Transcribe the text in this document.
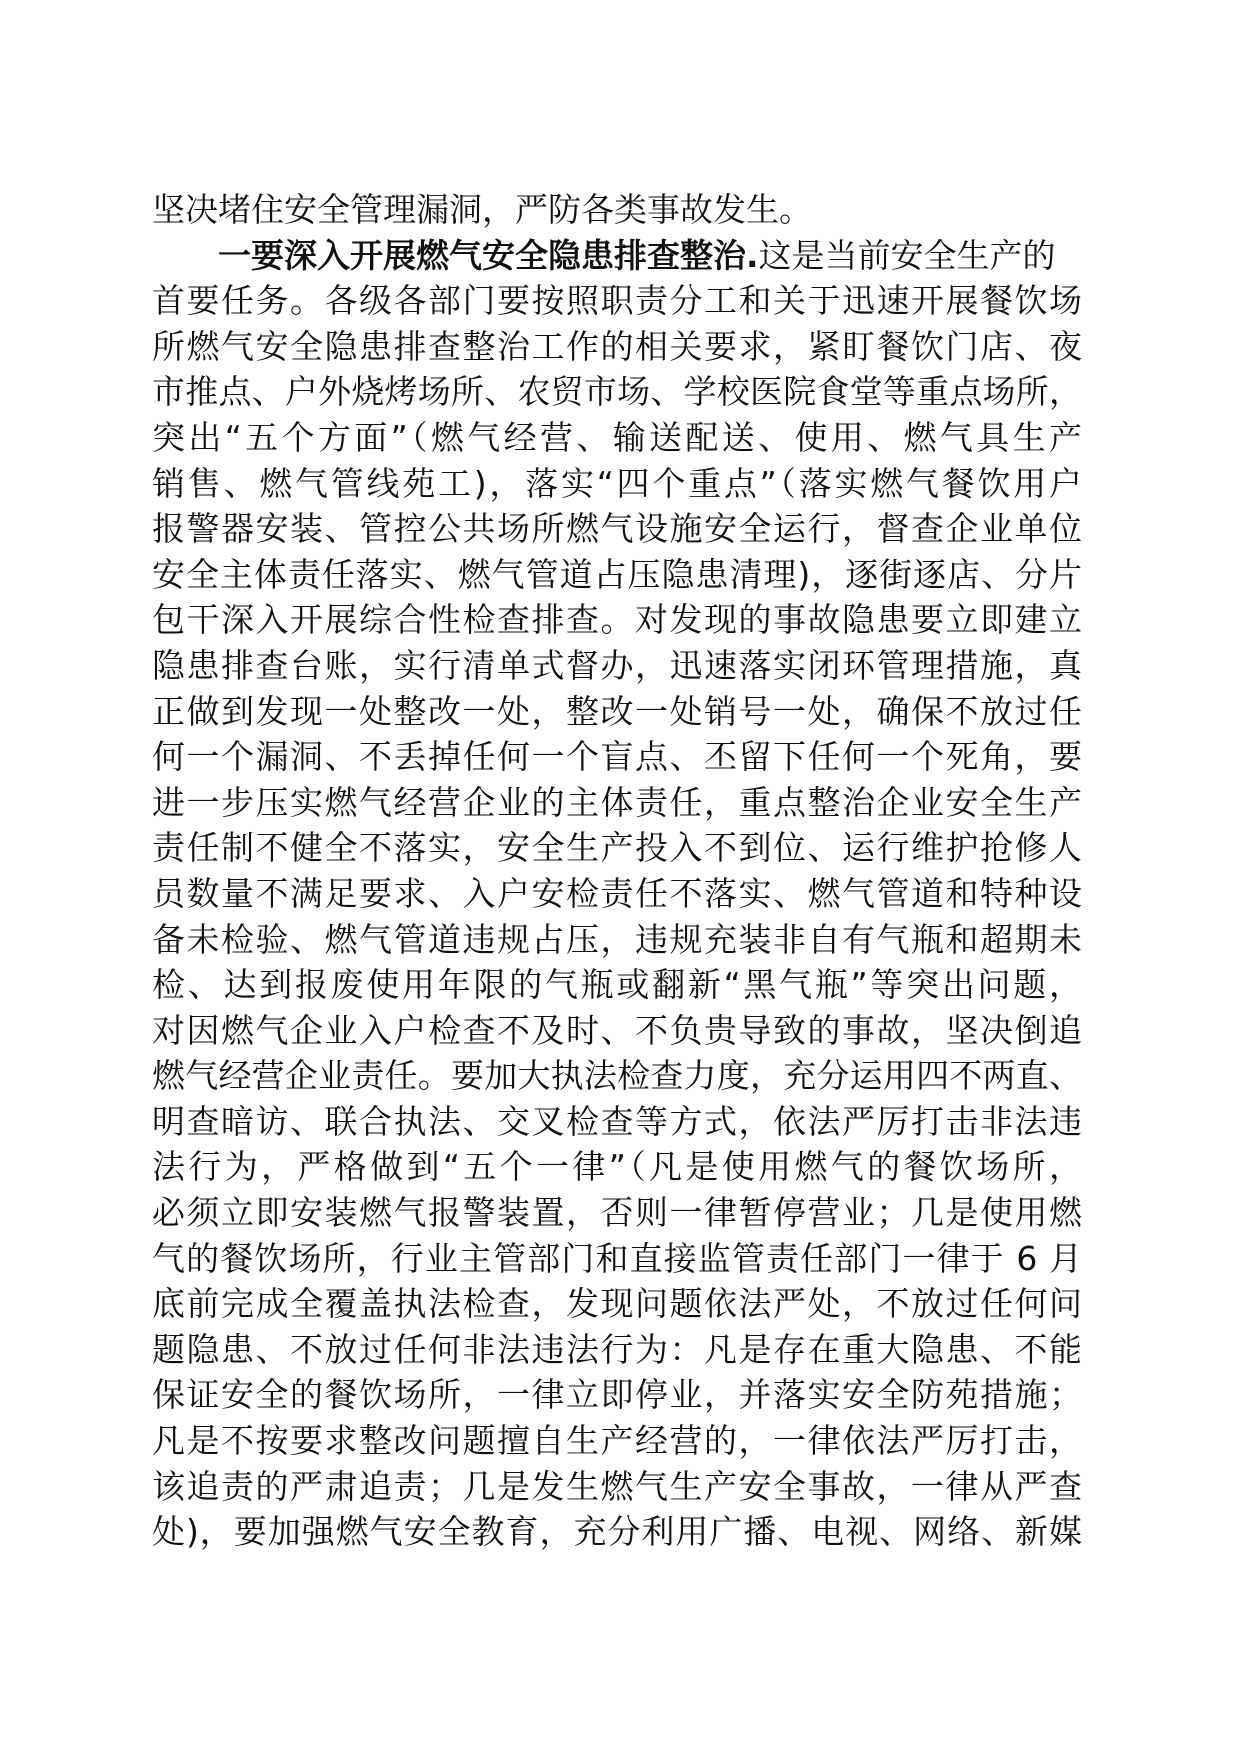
坚决堵住安全管理漏洞，严防各类事故发生。
一要深入开展燃气安全隐患排查整治.这是当前安全生产的
首要任务。各级各部门要按照职责分工和关于迅速开展餐饮场
所燃气安全隐患排查整治工作的相关要求，紧盯餐饮门店、夜
市推点、户外烧烤场所、农贸市场、学校医院食堂等重点场所，
突出“五个方面”（燃气经营、输送配送、使用、燃气具生产
销售、燃气管线苑工)，落实“四个重点”（落实燃气餐饮用户
报警器安装、管控公共场所燃气设施安全运行，督查企业单位
安全主体责任落实、燃气管道占压隐患清理)，逐街逐店、分片
包干深入开展综合性检查排查。对发现的事故隐患要立即建立
隐患排查台账，实行清单式督办，迅速落实闭环管理措施，真
正做到发现一处整改一处，整改一处销号一处，确保不放过任
何一个漏洞、不丢掉任何一个盲点、丕留下任何一个死角，要
进一步压实燃气经营企业的主体责任，重点整治企业安全生产
责任制不健全不落实，安全生产投入不到位、运行维护抢修人
员数量不满足要求、入户安检责任不落实、燃气管道和特种设
备未检验、燃气管道违规占压，违规充装非自有气瓶和超期未
检、达到报废使用年限的气瓶或翻新“黑气瓶”等突出问题，
对因燃气企业入户检查不及时、不负贵导致的事故，坚决倒追
燃气经营企业责任。要加大执法检查力度，充分运用四不两直、
明查暗访、联合执法、交叉检查等方式，依法严厉打击非法违
法行为，严格做到“五个一律”（凡是使用燃气的餐饮场所，
必须立即安装燃气报警装置，否则一律暂停营业；几是使用燃
气的餐饮场所，行业主管部门和直接监管责任部门一律于 6 月
底前完成全覆盖执法检查，发现问题依法严处，不放过任何问
题隐患、不放过任何非法违法行为：凡是存在重大隐患、不能
保证安全的餐饮场所，一律立即停业，并落实安全防苑措施；
凡是不按要求整改问题擅自生产经营的，一律依法严厉打击，
该追责的严肃追责；几是发生燃气生产安全事故，一律从严查
处)，要加强燃气安全教育，充分利用广播、电视、网络、新媒
